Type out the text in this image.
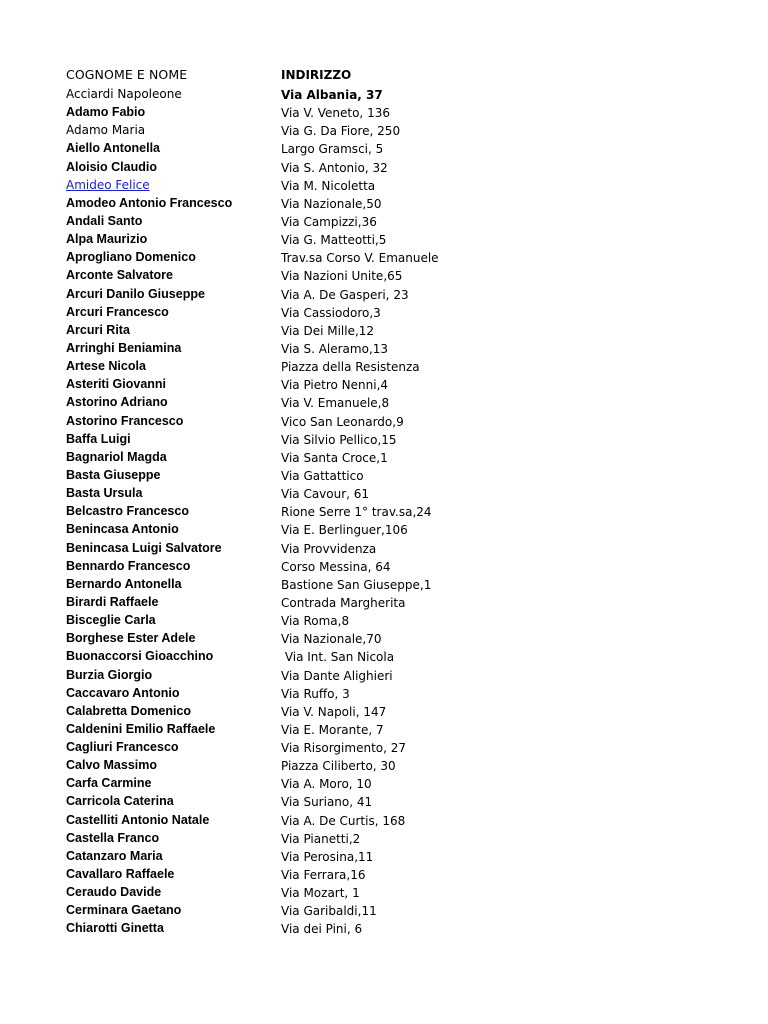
COGNOME E NOME	INDIRIZZO
Acciardi Napoleone	Via Albania, 37
Adamo Fabio	Via V. Veneto, 136
Adamo Maria	Via G. Da Fiore, 250
Aiello Antonella	Largo Gramsci, 5
Aloisio Claudio	Via S. Antonio, 32
Amideo Felice	Via M. Nicoletta
Amodeo Antonio Francesco	Via Nazionale,50
Andali Santo	Via Campizzi,36
Alpa Maurizio	Via G. Matteotti,5
Aprogliano Domenico	Trav.sa Corso V. Emanuele
Arconte Salvatore	Via Nazioni Unite,65
Arcuri Danilo Giuseppe	Via A. De Gasperi, 23
Arcuri Francesco	Via Cassiodoro,3
Arcuri Rita	Via Dei Mille,12
Arringhi Beniamina	Via S. Aleramo,13
Artese Nicola	Piazza della Resistenza
Asteriti Giovanni	Via Pietro Nenni,4
Astorino Adriano	Via V. Emanuele,8
Astorino Francesco	Vico San Leonardo,9
Baffa Luigi	Via Silvio Pellico,15
Bagnariol Magda	Via Santa Croce,1
Basta Giuseppe	Via Gattattico
Basta Ursula	Via Cavour, 61
Belcastro Francesco	Rione Serre 1° trav.sa,24
Benincasa Antonio	Via E. Berlinguer,106
Benincasa Luigi Salvatore	Via Provvidenza
Bennardo Francesco	Corso Messina, 64
Bernardo Antonella	Bastione San Giuseppe,1
Birardi Raffaele	Contrada Margherita
Bisceglie Carla	Via Roma,8
Borghese Ester Adele	Via Nazionale,70
Buonaccorsi Gioacchino	Via Int. San Nicola
Burzia Giorgio	Via Dante Alighieri
Caccavaro Antonio	Via Ruffo, 3
Calabretta Domenico	Via V. Napoli, 147
Caldenini Emilio Raffaele	Via E. Morante, 7
Cagliuri Francesco	Via Risorgimento, 27
Calvo Massimo	Piazza Ciliberto, 30
Carfa Carmine	Via A. Moro, 10
Carricola Caterina	Via Suriano, 41
Castelliti Antonio Natale	Via A. De Curtis, 168
Castella Franco	Via Pianetti,2
Catanzaro Maria	Via Perosina,11
Cavallaro Raffaele	Via Ferrara,16
Ceraudo Davide	Via Mozart, 1
Cerminara Gaetano	Via Garibaldi,11
Chiarotti Ginetta	Via dei Pini, 6
